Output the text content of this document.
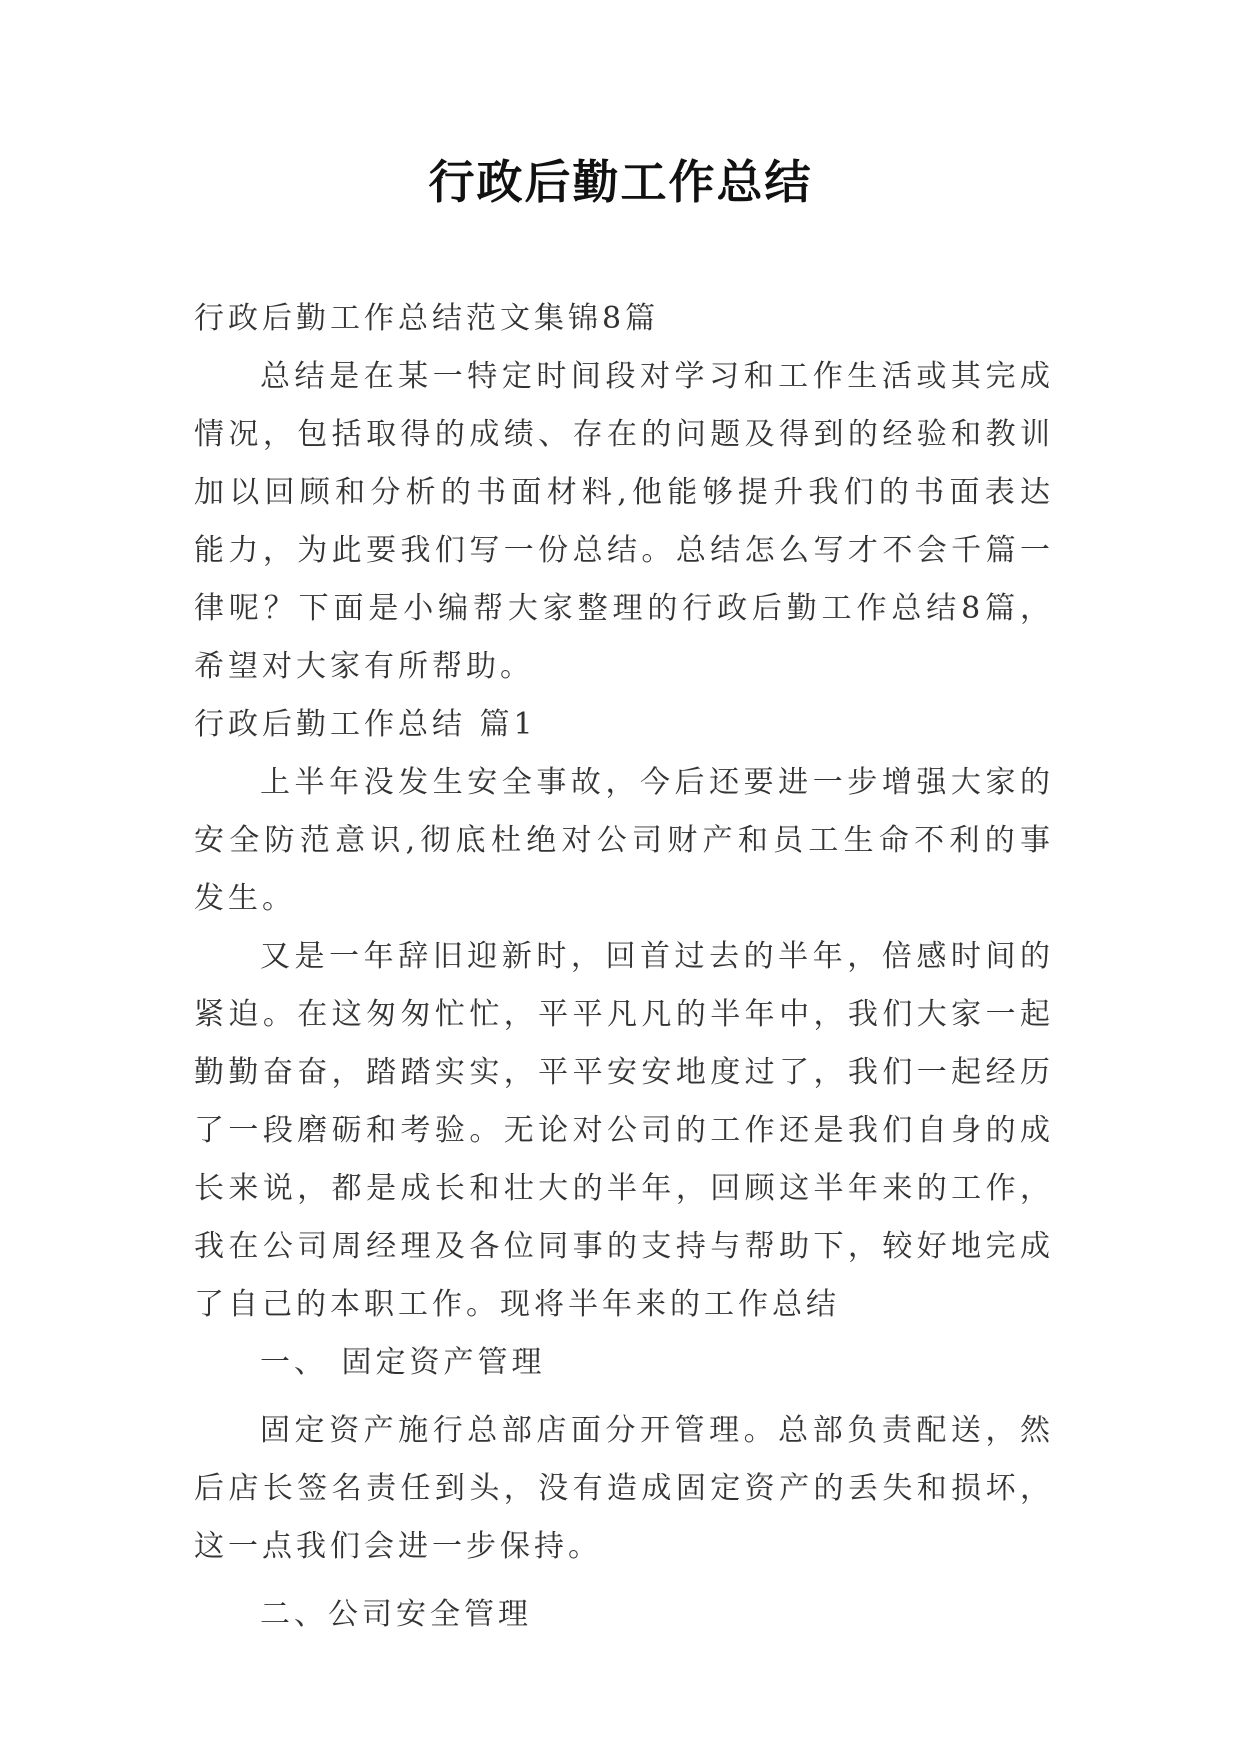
行政后勤工作总结

行政后勤工作总结范文集锦8篇

总结是在某一特定时间段对学习和工作生活或其完成情况，包括取得的成绩、存在的问题及得到的经验和教训加以回顾和分析的书面材料,他能够提升我们的书面表达能力，为此要我们写一份总结。总结怎么写才不会千篇一律呢？下面是小编帮大家整理的行政后勤工作总结8篇，希望对大家有所帮助。

行政后勤工作总结 篇1

上半年没发生安全事故，今后还要进一步增强大家的安全防范意识,彻底杜绝对公司财产和员工生命不利的事发生。

又是一年辞旧迎新时，回首过去的半年，倍感时间的紧迫。在这匆匆忙忙，平平凡凡的半年中，我们大家一起勤勤奋奋，踏踏实实，平平安安地度过了，我们一起经历了一段磨砺和考验。无论对公司的工作还是我们自身的成长来说，都是成长和壮大的半年，回顾这半年来的工作，我在公司周经理及各位同事的支持与帮助下，较好地完成了自己的本职工作。现将半年来的工作总结

一、 固定资产管理

固定资产施行总部店面分开管理。总部负责配送，然后店长签名责任到头，没有造成固定资产的丢失和损坏，这一点我们会进一步保持。

二、公司安全管理
